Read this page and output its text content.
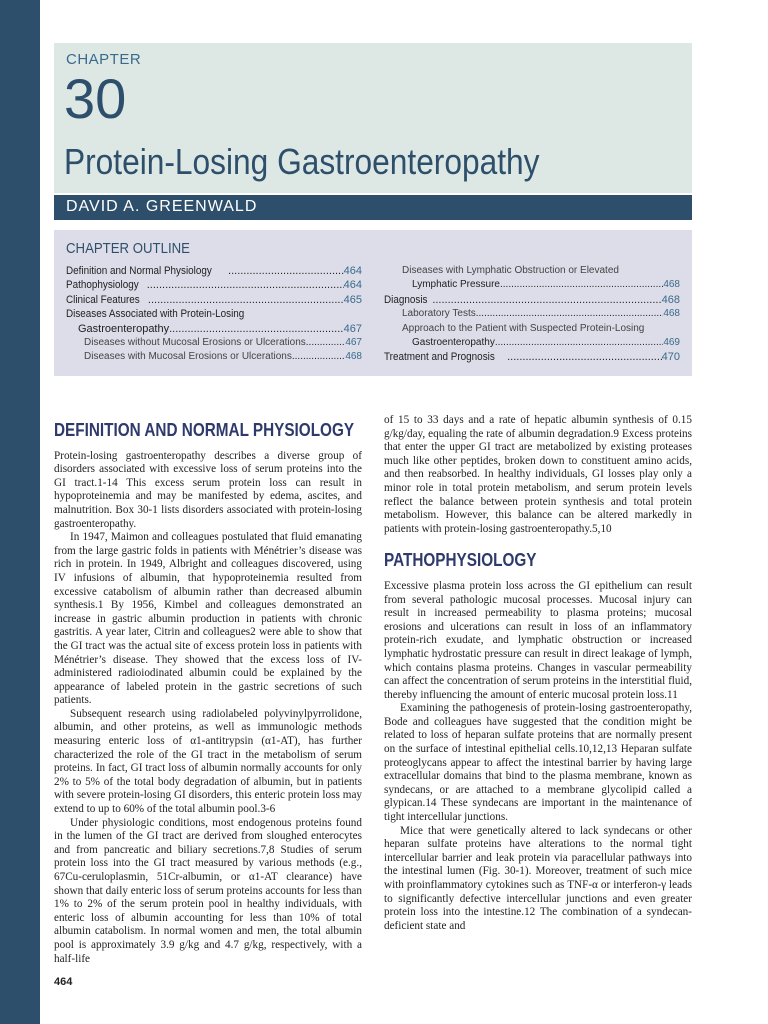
CHAPTER
30
Protein-Losing Gastroenteropathy
DAVID A. GREENWALD
CHAPTER OUTLINE
Definition and Normal Physiology .....	464
Pathophysiology .....	464
Clinical Features .....	465
Diseases Associated with Protein-Losing
Gastroenteropathy .....	467
Diseases without Mucosal Erosions or Ulcerations .....	467
Diseases with Mucosal Erosions or Ulcerations .....	468
Diseases with Lymphatic Obstruction or Elevated
Lymphatic Pressure .....	468
Diagnosis .....	468
Laboratory Tests .....	468
Approach to the Patient with Suspected Protein-Losing
Gastroenteropathy .....	469
Treatment and Prognosis .....	470
DEFINITION AND NORMAL PHYSIOLOGY

Protein-losing gastroenteropathy describes a diverse group of disorders associated with excessive loss of serum proteins into the GI tract.1-14 This excess serum protein loss can result in hypoproteinemia and may be manifested by edema, ascites, and malnutrition. Box 30-1 lists disorders associated with protein-losing gastroenteropathy.

In 1947, Maimon and colleagues postulated that fluid emanating from the large gastric folds in patients with Ménétrier’s disease was rich in protein. In 1949, Albright and colleagues discovered, using IV infusions of albumin, that hypoproteinemia resulted from excessive catabolism of albumin rather than decreased albumin synthesis.1 By 1956, Kimbel and colleagues demonstrated an increase in gastric albumin production in patients with chronic gastritis. A year later, Citrin and colleagues2 were able to show that the GI tract was the actual site of excess protein loss in patients with Ménétrier’s disease. They showed that the excess loss of IV-administered radioiodinated albumin could be explained by the appearance of labeled protein in the gastric secretions of such patients.

Subsequent research using radiolabeled polyvinylpyrrolidone, albumin, and other proteins, as well as immunologic methods measuring enteric loss of α1-antitrypsin (α1-AT), has further characterized the role of the GI tract in the metabolism of serum proteins. In fact, GI tract loss of albumin normally accounts for only 2% to 5% of the total body degradation of albumin, but in patients with severe protein-losing GI disorders, this enteric protein loss may extend to up to 60% of the total albumin pool.3-6

Under physiologic conditions, most endogenous proteins found in the lumen of the GI tract are derived from sloughed enterocytes and from pancreatic and biliary secretions.7,8 Studies of serum protein loss into the GI tract measured by various methods (e.g., 67Cu-ceruloplasmin, 51Cr-albumin, or α1-AT clearance) have shown that daily enteric loss of serum proteins accounts for less than 1% to 2% of the serum protein pool in healthy individuals, with enteric loss of albumin accounting for less than 10% of total albumin catabolism. In normal women and men, the total albumin pool is approximately 3.9 g/kg and 4.7 g/kg, respectively, with a half-life

of 15 to 33 days and a rate of hepatic albumin synthesis of 0.15 g/kg/day, equaling the rate of albumin degradation.9 Excess proteins that enter the upper GI tract are metabolized by existing proteases much like other peptides, broken down to constituent amino acids, and then reabsorbed. In healthy individuals, GI losses play only a minor role in total protein metabolism, and serum protein levels reflect the balance between protein synthesis and total protein metabolism. However, this balance can be altered markedly in patients with protein-losing gastroenteropathy.5,10

PATHOPHYSIOLOGY

Excessive plasma protein loss across the GI epithelium can result from several pathologic mucosal processes. Mucosal injury can result in increased permeability to plasma proteins; mucosal erosions and ulcerations can result in loss of an inflammatory protein-rich exudate, and lymphatic obstruction or increased lymphatic hydrostatic pressure can result in direct leakage of lymph, which contains plasma proteins. Changes in vascular permeability can affect the concentration of serum proteins in the interstitial fluid, thereby influencing the amount of enteric mucosal protein loss.11

Examining the pathogenesis of protein-losing gastroenteropathy, Bode and colleagues have suggested that the condition might be related to loss of heparan sulfate proteins that are normally present on the surface of intestinal epithelial cells.10,12,13 Heparan sulfate proteoglycans appear to affect the intestinal barrier by having large extracellular domains that bind to the plasma membrane, known as syndecans, or are attached to a membrane glycolipid called a glypican.14 These syndecans are important in the maintenance of tight intercellular junctions.

Mice that were genetically altered to lack syndecans or other heparan sulfate proteins have alterations to the normal tight intercellular barrier and leak protein via paracellular pathways into the intestinal lumen (Fig. 30-1). Moreover, treatment of such mice with proinflammatory cytokines such as TNF-α or interferon-γ leads to significantly defective intercellular junctions and even greater protein loss into the intestine.12 The combination of a syndecan-deficient state and

464
